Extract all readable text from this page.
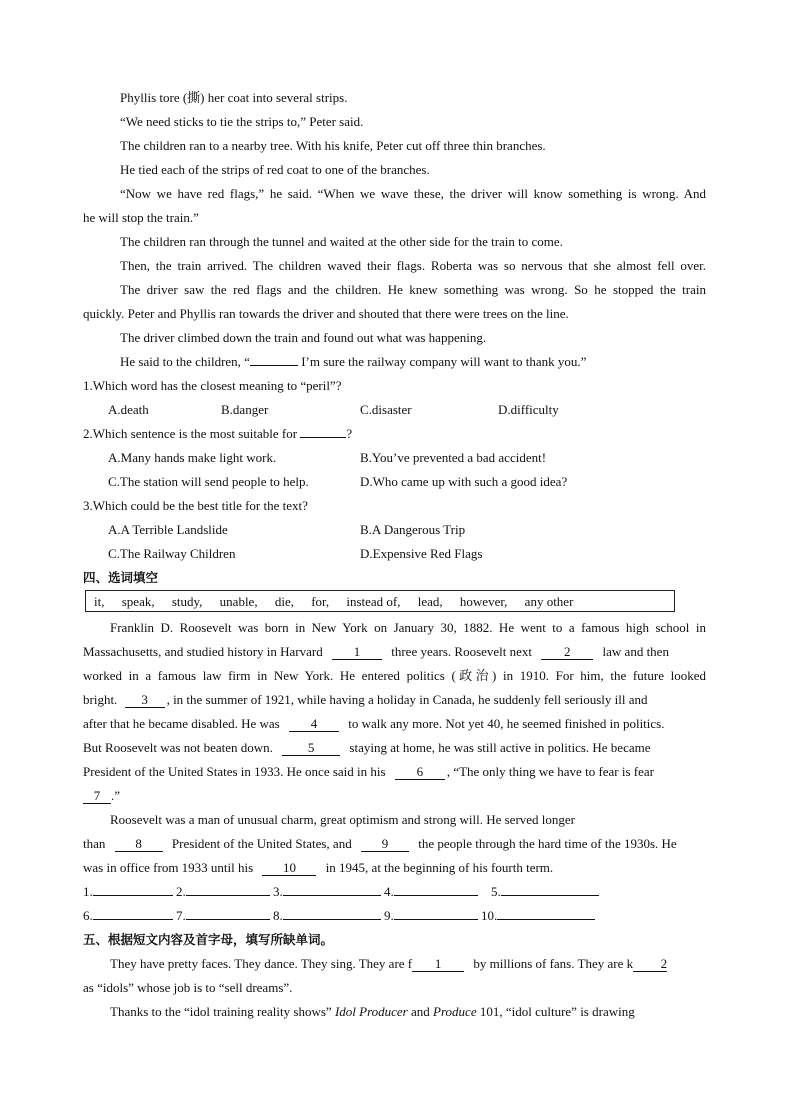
Phyllis tore (撕) her coat into several strips.
“We need sticks to tie the strips to,” Peter said.
The children ran to a nearby tree. With his knife, Peter cut off three thin branches.
He tied each of the strips of red coat to one of the branches.
“Now we have red flags,” he said. “When we wave these, the driver will know something is wrong. And
he will stop the train.”
The children ran through the tunnel and waited at the other side for the train to come.
Then, the train arrived. The children waved their flags. Roberta was so nervous that she almost fell over.
The driver saw the red flags and the children. He knew something was wrong. So he stopped the train
quickly. Peter and Phyllis ran towards the driver and shouted that there were trees on the line.
The driver climbed down the train and found out what was happening.
He said to the children, “	I’m sure the railway company will want to thank you.”
1.Which word has the closest meaning to “peril”?
A.death	B.danger	C.disaster	D.difficulty
2.Which sentence is the most suitable for	?
A.Many hands make light work.	B.You’ve prevented a bad accident!
C.The station will send people to help.	D.Who came up with such a good idea?
3.Which could be the best title for the text?
A.A Terrible Landslide	B.A Dangerous Trip
C.The Railway Children	D.Expensive Red Flags
四、选词填空
it, speak, study, unable, die, for, instead of, lead, however, any other
Franklin D. Roosevelt was born in New York on January 30, 1882. He went to a famous high school in
Massachusetts, and studied history in Harvard 1 three years. Roosevelt next 2 law and then
worked in a famous law firm in New York. He entered politics (政治) in 1910. For him, the future looked
bright. 3 , in the summer of 1921, while having a holiday in Canada, he suddenly fell seriously ill and
after that he became disabled. He was 4 to walk any more. Not yet 40, he seemed finished in politics.
But Roosevelt was not beaten down.	5	staying at home, he was still active in politics. He became
President of the United States in 1933. He once said in his 6 , “The only thing we have to fear is fear
7 .”
Roosevelt was a man of unusual charm, great optimism and strong will. He served longer
than 8 President of the United States, and 9 the people through the hard time of the 1930s. He
was in office from 1933 until his 10 in 1945, at the beginning of his fourth term.
1.	2.	3.	4.	5.
6.	7.	8.	9.	10.
五、根据短文内容及首字母，填写所缺单词。
They have pretty faces. They dance. They sing. They are f 1 by millions of fans. They are k 2
as “idols” whose job is to “sell dreams”.
Thanks to the “idol training reality shows” Idol Producer and Produce 101, “idol culture” is drawing
